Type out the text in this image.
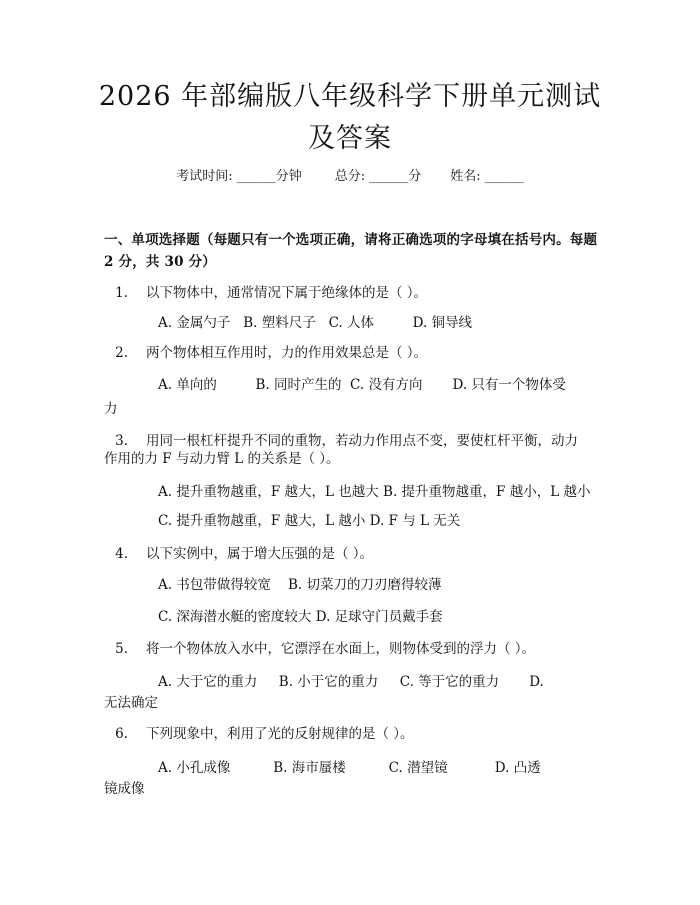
2026 年部编版八年级科学下册单元测试及答案
考试时间: ______分钟	总分: ______分 姓名: ______
一、单项选择题（每题只有一个选项正确，请将正确选项的字母填在括号内。每题 2 分，共 30 分）
1. 以下物体中，通常情况下属于绝缘体的是（ ）。
A. 金属勺子   B. 塑料尺子   C. 人体         D. 铜导线
2. 两个物体相互作用时，力的作用效果总是（ ）。
A. 单向的         B. 同时产生的  C. 没有方向       D. 只有一个物体受
力
3. 用同一根杠杆提升不同的重物，若动力作用点不变，要使杠杆平衡，动力
作用的力 F 与动力臂 L 的关系是（ ）。
A. 提升重物越重，F 越大，L 也越大 B. 提升重物越重，F 越小，L 越小
C. 提升重物越重，F 越大，L 越小 D. F 与 L 无关
4. 以下实例中，属于增大压强的是（ ）。
A. 书包带做得较宽    B. 切菜刀的刀刃磨得较薄
C. 深海潜水艇的密度较大 D. 足球守门员戴手套
5. 将一个物体放入水中，它漂浮在水面上，则物体受到的浮力（ ）。
A. 大于它的重力     B. 小于它的重力     C. 等于它的重力       D.
无法确定
6. 下列现象中，利用了光的反射规律的是（ ）。
A. 小孔成像          B. 海市蜃楼          C. 潜望镜           D. 凸透
镜成像
